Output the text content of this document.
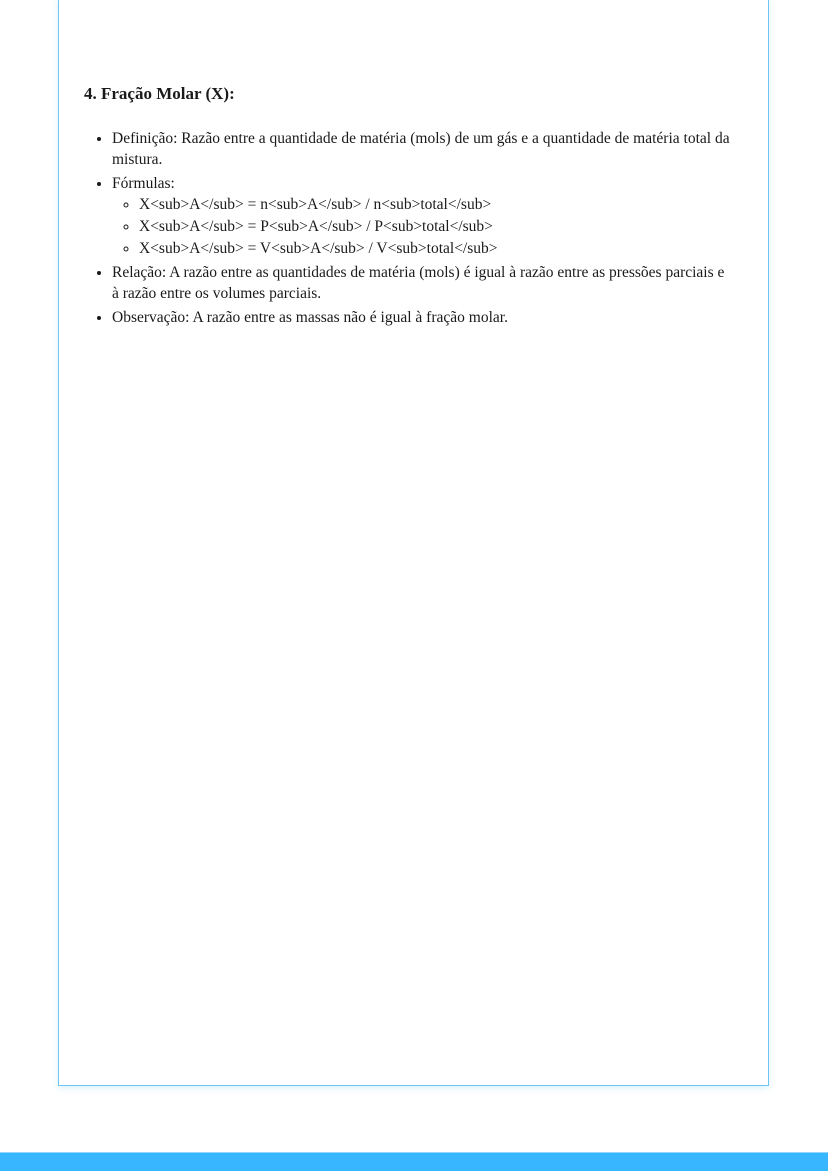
4. Fração Molar (X):
• Definição: Razão entre a quantidade de matéria (mols) de um gás e a quantidade de matéria total da mistura.
• Fórmulas:
◦ X<sub>A</sub> = n<sub>A</sub> / n<sub>total</sub>
◦ X<sub>A</sub> = P<sub>A</sub> / P<sub>total</sub>
◦ X<sub>A</sub> = V<sub>A</sub> / V<sub>total</sub>
• Relação: A razão entre as quantidades de matéria (mols) é igual à razão entre as pressões parciais e à razão entre os volumes parciais.
• Observação: A razão entre as massas não é igual à fração molar.
